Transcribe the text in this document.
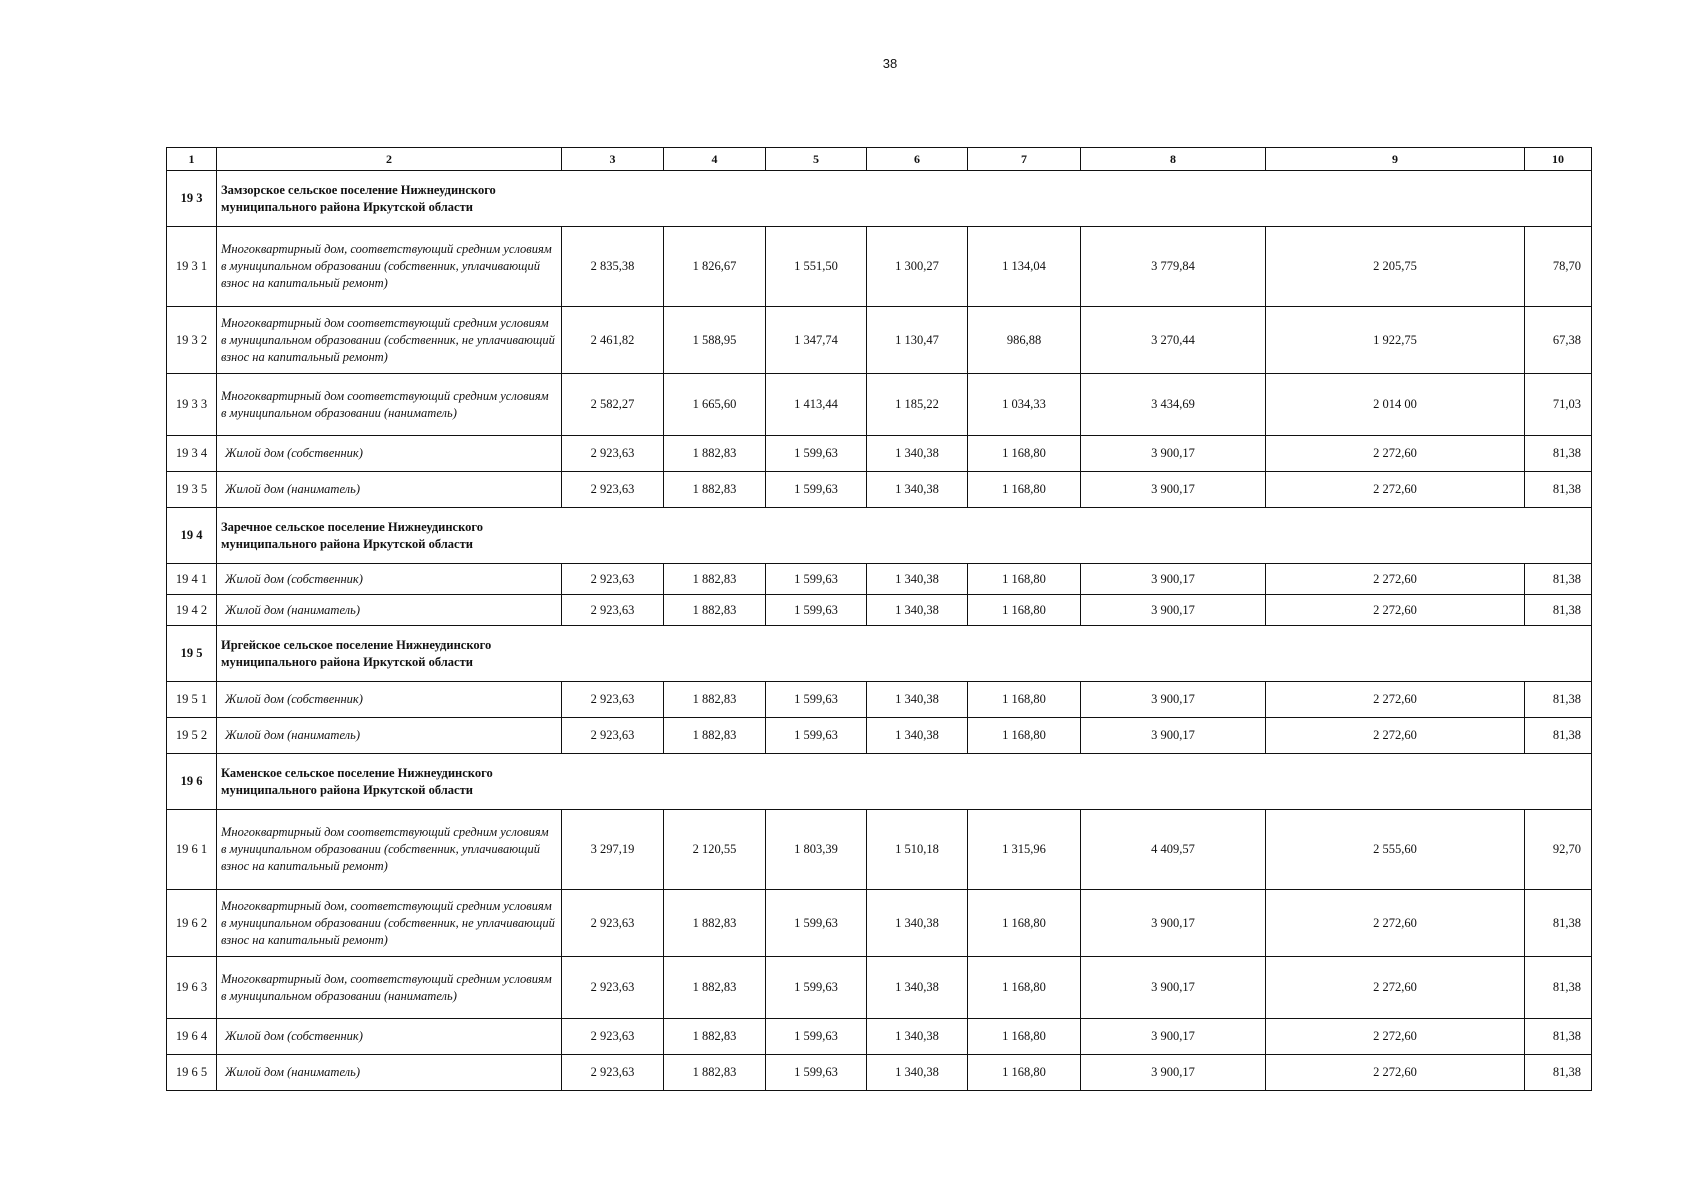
38
1	2	3	4	5	6	7	8	9	10
19 3	Замзорское сельское поселение Нижнеудинского муниципального района Иркутской области								

19 3 1	Многоквартирный дом, соответствующий средним условиям в муниципальном образовании (собственник, уплачивающий взнос на капитальный ремонт)	2 835,38	1 826,67	1 551,50	1 300,27	1 134,04	3 779,84	2 205,75	78,70
19 3 2	Многоквартирный дом соответствующий средним условиям в муниципальном образовании (собственник, не уплачивающий взнос на капитальный ремонт)	2 461,82	1 588,95	1 347,74	1 130,47	986,88	3 270,44	1 922,75	67,38
19 3 3	Многоквартирный дом соответствующий средним условиям в муниципальном образовании (наниматель)	2 582,27	1 665,60	1 413,44	1 185,22	1 034,33	3 434,69	2 014 00	71,03
19 3 4	Жилой дом (собственник)	2 923,63	1 882,83	1 599,63	1 340,38	1 168,80	3 900,17	2 272,60	81,38
19 3 5	Жилой дом (наниматель)	2 923,63	1 882,83	1 599,63	1 340,38	1 168,80	3 900,17	2 272,60	81,38
19 4	Заречное сельское поселение Нижнеудинского муниципального района Иркутской области								

19 4 1	Жилой дом (собственник)	2 923,63	1 882,83	1 599,63	1 340,38	1 168,80	3 900,17	2 272,60	81,38
19 4 2	Жилой дом (наниматель)	2 923,63	1 882,83	1 599,63	1 340,38	1 168,80	3 900,17	2 272,60	81,38
19 5	Иргейское сельское поселение Нижнеудинского муниципального района Иркутской области								

19 5 1	Жилой дом (собственник)	2 923,63	1 882,83	1 599,63	1 340,38	1 168,80	3 900,17	2 272,60	81,38
19 5 2	Жилой дом (наниматель)	2 923,63	1 882,83	1 599,63	1 340,38	1 168,80	3 900,17	2 272,60	81,38
19 6	Каменское сельское поселение Нижнеудинского муниципального района Иркутской области								

19 6 1	Многоквартирный дом соответствующий средним условиям в муниципальном образовании (собственник, уплачивающий взнос на капитальный ремонт)	3 297,19	2 120,55	1 803,39	1 510,18	1 315,96	4 409,57	2 555,60	92,70
19 6 2	Многоквартирный дом, соответствующий средним условиям в муниципальном образовании (собственник, не уплачивающий взнос на капитальный ремонт)	2 923,63	1 882,83	1 599,63	1 340,38	1 168,80	3 900,17	2 272,60	81,38
19 6 3	Многоквартирный дом, соответствующий средним условиям в муниципальном образовании (наниматель)	2 923,63	1 882,83	1 599,63	1 340,38	1 168,80	3 900,17	2 272,60	81,38
19 6 4	Жилой дом (собственник)	2 923,63	1 882,83	1 599,63	1 340,38	1 168,80	3 900,17	2 272,60	81,38
19 6 5	Жилой дом (наниматель)	2 923,63	1 882,83	1 599,63	1 340,38	1 168,80	3 900,17	2 272,60	81,38
